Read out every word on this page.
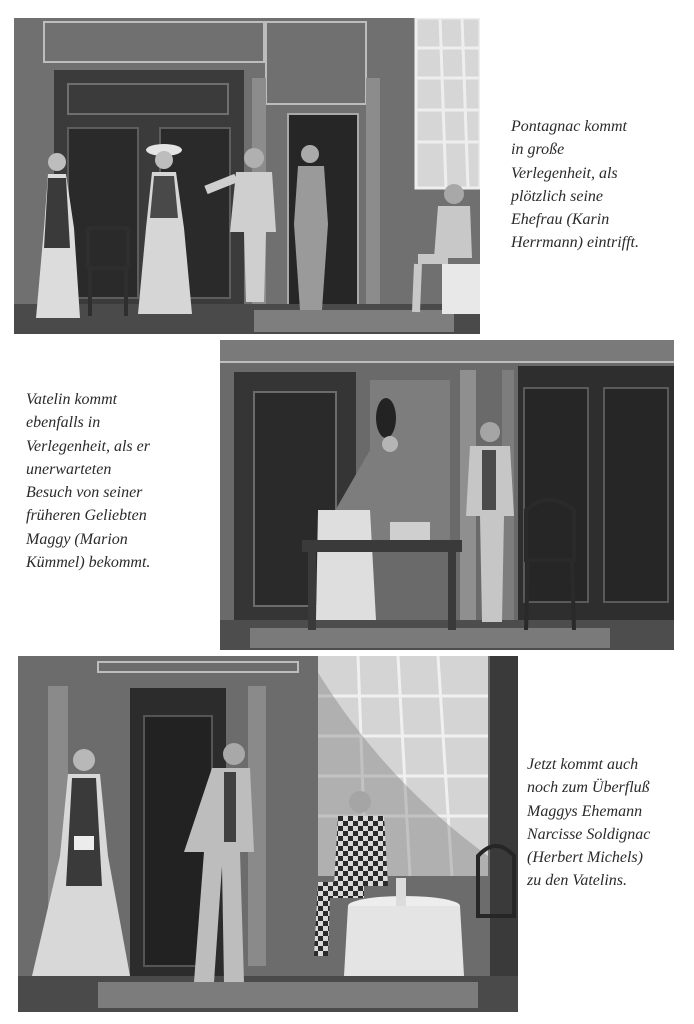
Pontagnac kommt
in große
Verlegenheit, als
plötzlich seine
Ehefrau (Karin
Herrmann) eintrifft.
Vatelin kommt
ebenfalls in
Verlegenheit, als er
unerwarteten
Besuch von seiner
früheren Geliebten
Maggy (Marion
Kümmel) bekommt.
Jetzt kommt auch
noch zum Überfluß
Maggys Ehemann
Narcisse Soldignac
(Herbert Michels)
zu den Vatelins.
